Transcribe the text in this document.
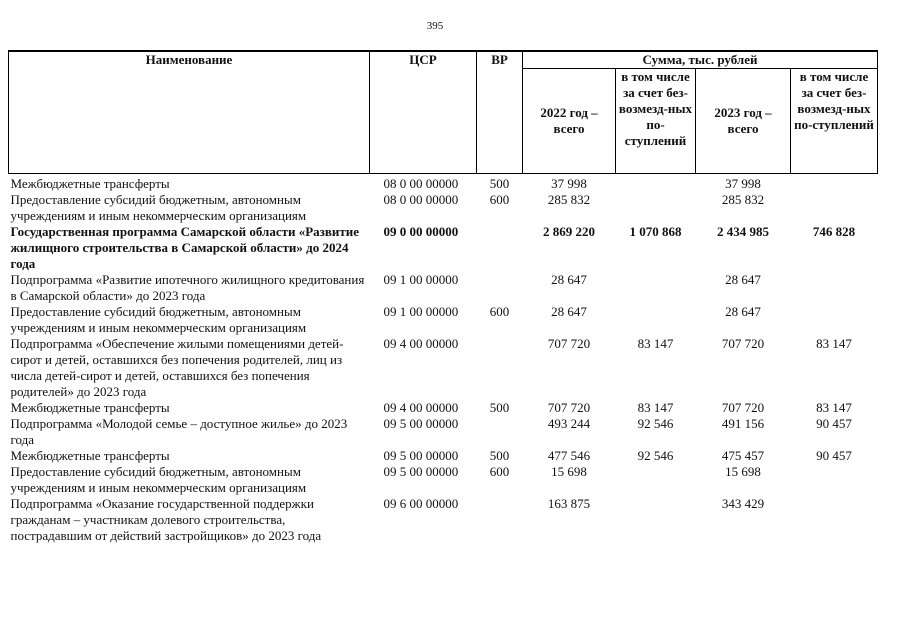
395
Наименование	ЦСР	ВР	Сумма, тыс. рублей			
			2022 год – всего	в том числе за счет без-возмезд-ных по-ступлений	2023 год – всего	в том числе за счет без-возмезд-ных по-ступлений
Межбюджетные трансферты	08 0 00 00000	500	37 998		37 998	
Предоставление субсидий бюджетным, автономным учреждениям и иным некоммерческим организациям	08 0 00 00000	600	285 832		285 832	
Государственная программа Самарской области «Развитие жилищного строительства в Самарской области» до 2024 года	09 0 00 00000		2 869 220	1 070 868	2 434 985	746 828
Подпрограмма «Развитие ипотечного жилищного кредитования в Самарской области» до 2023 года	09 1 00 00000		28 647		28 647	
Предоставление субсидий бюджетным, автономным учреждениям и иным некоммерческим организациям	09 1 00 00000	600	28 647		28 647	
Подпрограмма «Обеспечение жилыми помещениями детей-сирот и детей, оставшихся без попечения родителей, лиц из числа детей-сирот и детей, оставшихся без попечения родителей» до 2023 года	09 4 00 00000		707 720	83 147	707 720	83 147
Межбюджетные трансферты	09 4 00 00000	500	707 720	83 147	707 720	83 147
Подпрограмма «Молодой семье – доступное жилье» до 2023 года	09 5 00 00000		493 244	92 546	491 156	90 457
Межбюджетные трансферты	09 5 00 00000	500	477 546	92 546	475 457	90 457
Предоставление субсидий бюджетным, автономным учреждениям и иным некоммерческим организациям	09 5 00 00000	600	15 698		15 698	
Подпрограмма «Оказание государственной поддержки гражданам – участникам долевого строительства, пострадавшим от действий застройщиков» до 2023 года	09 6 00 00000		163 875		343 429	
